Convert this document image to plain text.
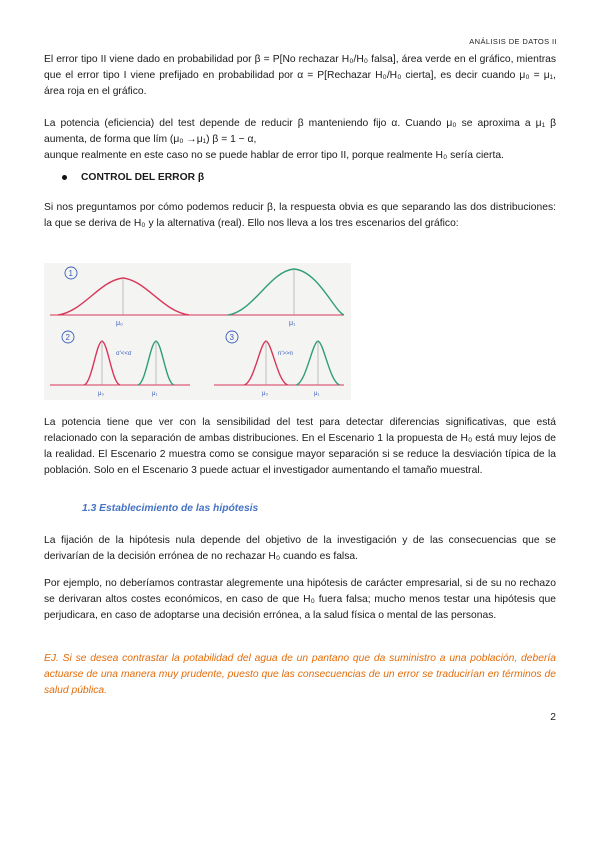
ANÁLISIS DE DATOS II
El error tipo II viene dado en probabilidad por β = P[No rechazar H₀/H₀ falsa], área verde en el gráfico, mientras que el error tipo I viene prefijado en probabilidad por α = P[Rechazar H₀/H₀ cierta], es decir cuando μ₀ = μ₁, área roja en el gráfico.
La potencia (eficiencia) del test depende de reducir β manteniendo fijo α. Cuando μ₀ se aproxima a μ₁ β aumenta, de forma que lím (μ₀ →μ₁) β = 1 − α,
aunque realmente en este caso no se puede hablar de error tipo II, porque realmente H₀ sería cierta.
CONTROL DEL ERROR β
Si nos preguntamos por cómo podemos reducir β, la respuesta obvia es que separando las dos distribuciones: la que se deriva de H₀ y la alternativa (real). Ello nos lleva a los tres escenarios del gráfico:
1
μ₀	μ₁
2
σ'<<σ
μ₀	μ₁
3
n'>>n
μ₀	μ₁
La potencia tiene que ver con la sensibilidad del test para detectar diferencias significativas, que está relacionado con la separación de ambas distribuciones. En el Escenario 1 la propuesta de H₀ está muy lejos de la realidad. El Escenario 2 muestra como se consigue mayor separación si se reduce la desviación típica de la población. Solo en el Escenario 3 puede actuar el investigador aumentando el tamaño muestral.
1.3 Establecimiento de las hipótesis
La fijación de la hipótesis nula depende del objetivo de la investigación y de las consecuencias que se derivarían de la decisión errónea de no rechazar H₀ cuando es falsa.
Por ejemplo, no deberíamos contrastar alegremente una hipótesis de carácter empresarial, si de su no rechazo se derivaran altos costes económicos, en caso de que H₀ fuera falsa; mucho menos testar una hipótesis que perjudicara, en caso de adoptarse una decisión errónea, a la salud física o mental de las personas.
EJ. Si se desea contrastar la potabilidad del agua de un pantano que da suministro a una población, debería actuarse de una manera muy prudente, puesto que las consecuencias de un error se traducirían en términos de salud pública.
2
